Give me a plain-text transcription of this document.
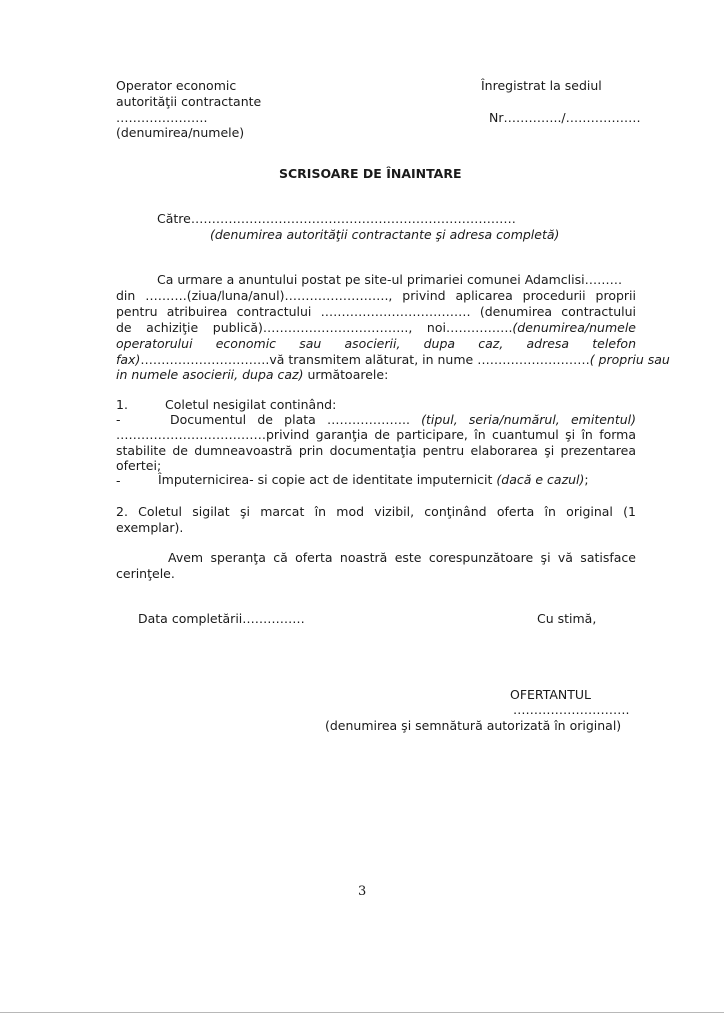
Operator economic
autorităţii contractante
………………….
(denumirea/numele)
Înregistrat la sediul
Nr…………../………………
SCRISOARE DE ÎNAINTARE
Către……………………………………………………………………
(denumirea autorităţii contractante şi adresa completă)
Ca urmare a anuntului postat pe site-ul primariei comunei Adamclisi………
din ……….(ziua/luna/anul)……………………., privind aplicarea procedurii proprii
pentru atribuirea contractului ……………………………… (denumirea contractului
de achiziţie publică)…………………………….., noi…………….(denumirea/numele
operatorului economic sau asocierii, dupa caz, adresa telefon
fax)………………………….vă transmitem alăturat, in nume ………………………( propriu sau
in numele asocierii, dupa caz) următoarele:
1.	Coletul nesigilat continând:
-	Documentul de plata ……………….. (tipul, seria/numărul, emitentul)
………………………………privind garanţia de participare, în cuantumul şi în forma
stabilite de dumneavoastră prin documentaţia pentru elaborarea şi prezentarea
ofertei;
-	Împuternicirea- si copie act de identitate imputernicit (dacă e cazul);
2. Coletul sigilat şi marcat în mod vizibil, conţinând oferta în original (1
exemplar).
Avem speranţa că oferta noastră este corespunzătoare şi vă satisface
cerinţele.
Data completării……………	Cu stimă,
OFERTANTUL
……………………….
(denumirea şi semnătură autorizată în original)
3
